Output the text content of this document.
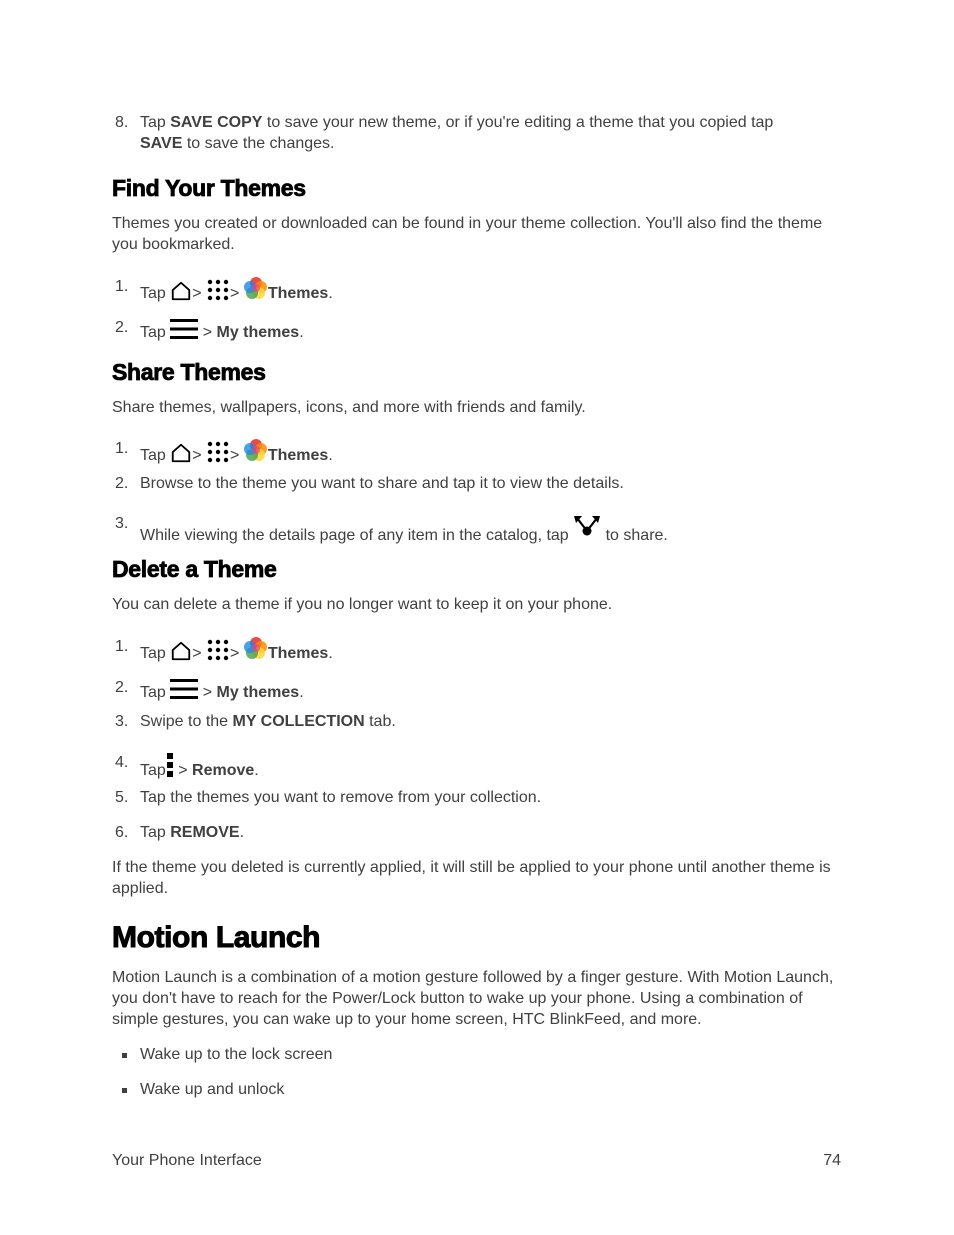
8. Tap SAVE COPY to save your new theme, or if you're editing a theme that you copied tap
SAVE to save the changes.
Find Your Themes
Themes you created or downloaded can be found in your theme collection. You'll also find the theme you bookmarked.
1. Tap > > Themes.
2. Tap > My themes.
Share Themes
Share themes, wallpapers, icons, and more with friends and family.
1. Tap > > Themes.
2. Browse to the theme you want to share and tap it to view the details.
3.
While viewing the details page of any item in the catalog, tap to share.
Delete a Theme
You can delete a theme if you no longer want to keep it on your phone.
1. Tap > > Themes.
2. Tap > My themes.
3. Swipe to the MY COLLECTION tab.
4. Tap > Remove.
5. Tap the themes you want to remove from your collection.
6. Tap REMOVE.
If the theme you deleted is currently applied, it will still be applied to your phone until another theme is applied.
Motion Launch
Motion Launch is a combination of a motion gesture followed by a finger gesture. With Motion Launch, you don't have to reach for the Power/Lock button to wake up your phone. Using a combination of simple gestures, you can wake up to your home screen, HTC BlinkFeed, and more.
Wake up to the lock screen
Wake up and unlock
Your Phone Interface	74
